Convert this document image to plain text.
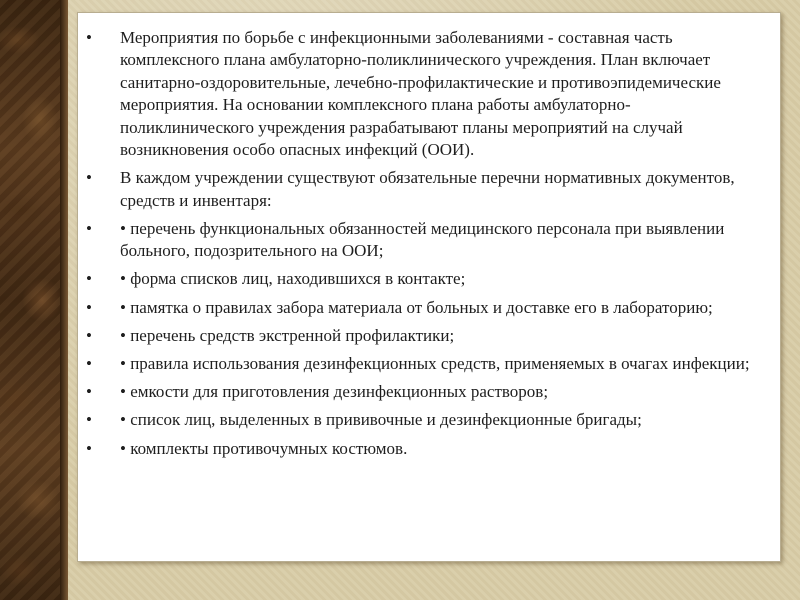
• Мероприятия по борьбе с инфекционными заболеваниями - составная часть комплексного плана амбулаторно-поликлинического учреждения. План включает санитарно-оздоровительные, лечебно-профилактические и противоэпидемические мероприятия. На основании комплексного плана работы амбулаторно-поликлинического учреждения разрабатывают планы мероприятий на случай возникновения особо опасных инфекций (ООИ).
• В каждом учреждении существуют обязательные перечни нормативных документов, средств и инвентаря:
• • перечень функциональных обязанностей медицинского персонала при выявлении больного, подозрительного на ООИ;
• • форма списков лиц, находившихся в контакте;
• • памятка о правилах забора материала от больных и доставке его в лабораторию;
• • перечень средств экстренной профилактики;
• • правила использования дезинфекционных средств, применяемых в очагах инфекции;
• • емкости для приготовления дезинфекционных растворов;
• • список лиц, выделенных в прививочные и дезинфекционные бригады;
• • комплекты противочумных костюмов.
